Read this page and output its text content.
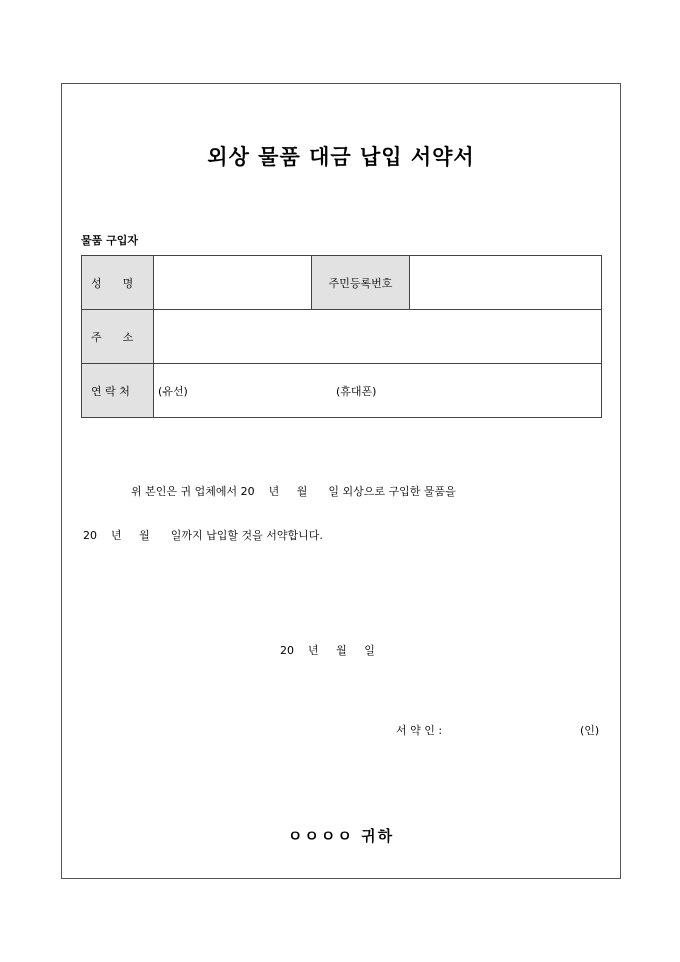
외상 물품 대금 납입 서약서
물품 구입자
성      명		주민등록번호	
주      소			
연 락 처	(유선) (휴대폰)		
위 본인은 귀 업체에서 20    년     월      일 외상으로 구입한 물품을
20    년     월      일까지 납입할 것을 서약합니다.
20    년     월     일
서 약 인 :	(인)
ㅇㅇㅇㅇ 귀하
